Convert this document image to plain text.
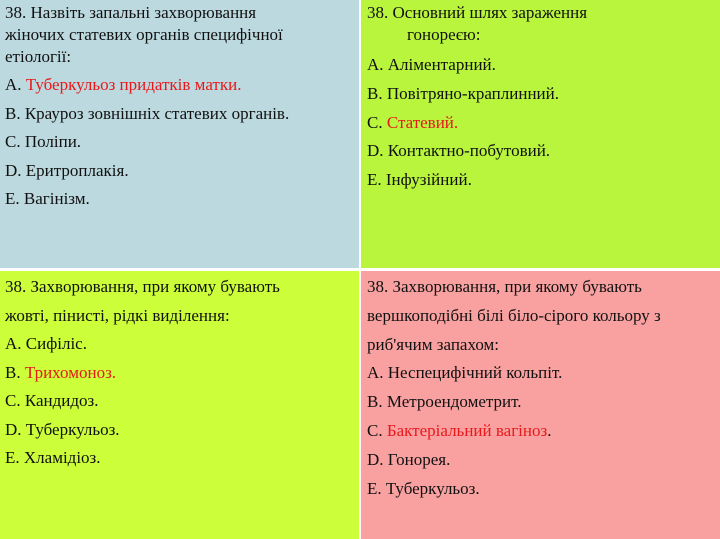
38. Назвіть запальні захворювання

жіночих статевих органів специфічної

етіології:

А. Туберкульоз придатків матки.

В. Крауроз зовнішніх статевих органів.

С. Поліпи.

D. Еритроплакія.

Е. Вагінізм.

38. Основний шлях зараження

гонореєю:

А. Аліментарний.

В. Повітряно-краплинний.

С. Статевий.

D. Контактно-побутовий.

Е. Інфузійний.

38. Захворювання, при якому бувають

жовті, пінисті, рідкі виділення:

А. Сифіліс.

В. Трихомоноз.

С. Кандидоз.

D. Туберкульоз.

Е. Хламідіоз.

38. Захворювання, при якому бувають

вершкоподібні білі біло-сірого кольору з

риб'ячим запахом:

А. Неспецифічний кольпіт.

В. Метроендометрит.

С. Бактеріальний вагіноз.

D. Гонорея.

Е. Туберкульоз.
